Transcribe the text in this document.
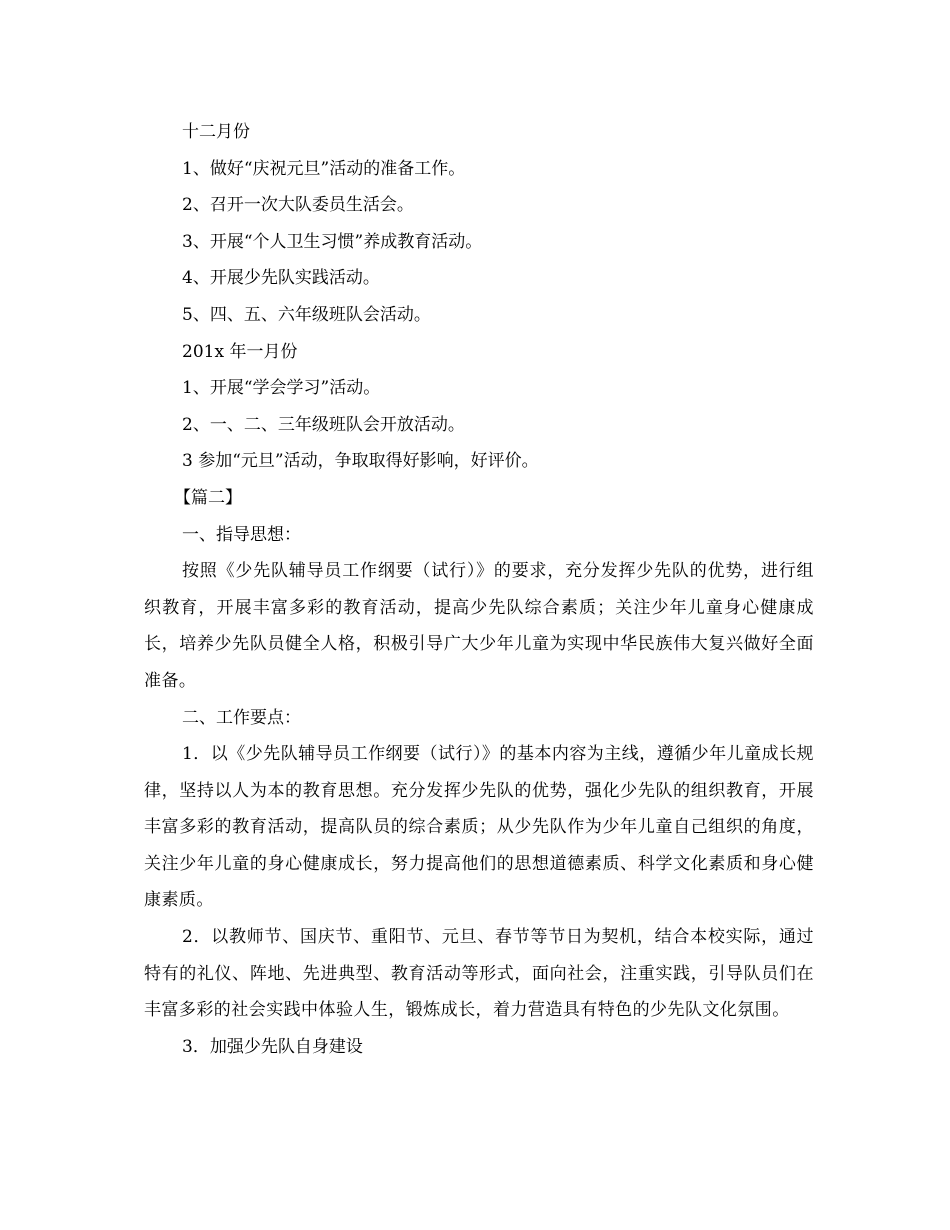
十二月份
1、做好“庆祝元旦”活动的准备工作。
2、召开一次大队委员生活会。
3、开展“个人卫生习惯”养成教育活动。
4、开展少先队实践活动。
5、四、五、六年级班队会活动。
201x 年一月份
1、开展“学会学习”活动。
2、一、二、三年级班队会开放活动。
3 参加“元旦”活动，争取取得好影响，好评价。
【篇二】
一、指导思想：

按照《少先队辅导员工作纲要（试行）》的要求，充分发挥少先队的优势，进行组织教育，开展丰富多彩的教育活动，提高少先队综合素质；关注少年儿童身心健康成长，培养少先队员健全人格，积极引导广大少年儿童为实现中华民族伟大复兴做好全面准备。

二、工作要点：

1．以《少先队辅导员工作纲要（试行）》的基本内容为主线，遵循少年儿童成长规律，坚持以人为本的教育思想。充分发挥少先队的优势，强化少先队的组织教育，开展丰富多彩的教育活动，提高队员的综合素质；从少先队作为少年儿童自己组织的角度，关注少年儿童的身心健康成长，努力提高他们的思想道德素质、科学文化素质和身心健康素质。

2．以教师节、国庆节、重阳节、元旦、春节等节日为契机，结合本校实际，通过特有的礼仪、阵地、先进典型、教育活动等形式，面向社会，注重实践，引导队员们在丰富多彩的社会实践中体验人生，锻炼成长，着力营造具有特色的少先队文化氛围。

3．加强少先队自身建设
